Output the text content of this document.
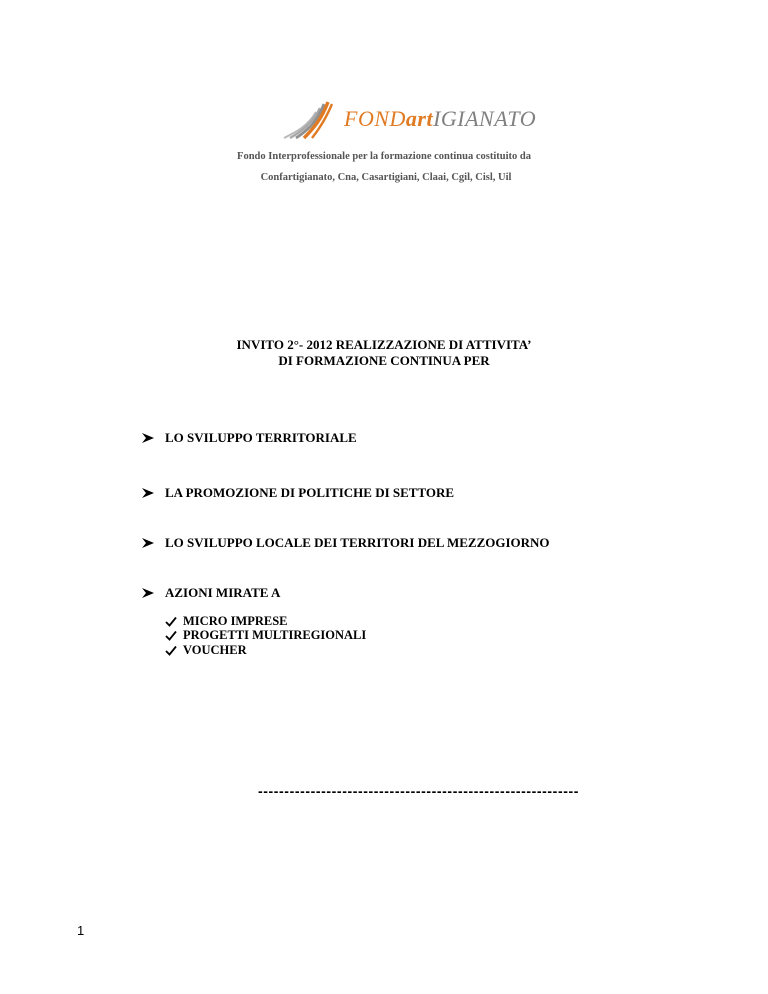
FONDartIGIANATO
Fondo Interprofessionale per la formazione continua costituito da
Confartigianato, Cna, Casartigiani, Claai, Cgil, Cisl, Uil
INVITO 2°- 2012 REALIZZAZIONE DI ATTIVITA’
DI FORMAZIONE CONTINUA PER
LO SVILUPPO TERRITORIALE
LA PROMOZIONE DI POLITICHE DI SETTORE
LO SVILUPPO LOCALE DEI TERRITORI DEL MEZZOGIORNO
AZIONI MIRATE A
MICRO IMPRESE
PROGETTI MULTIREGIONALI
VOUCHER
-------------------------------------------------------------
1
